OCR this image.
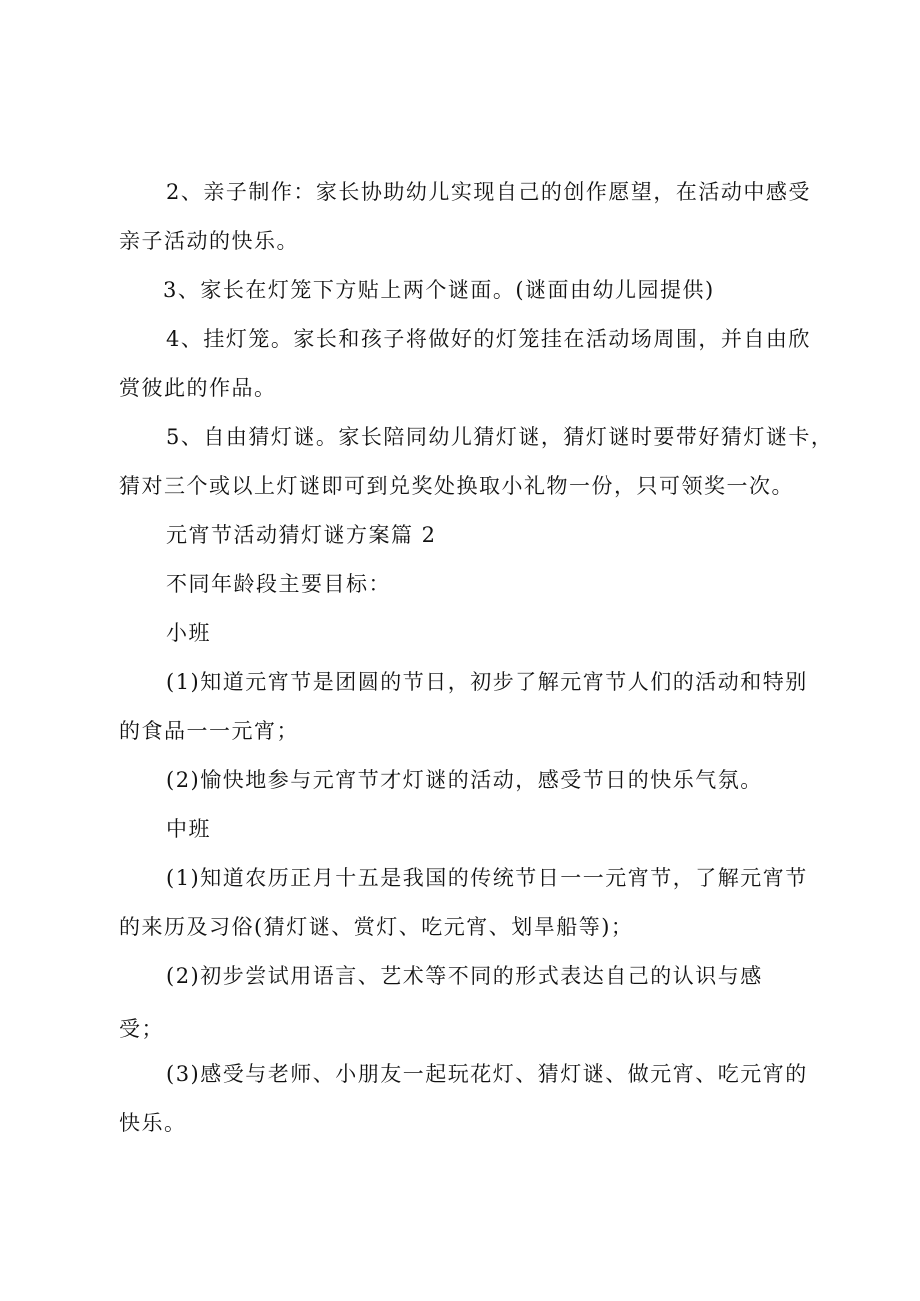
2、亲子制作：家长协助幼儿实现自己的创作愿望，在活动中感受
亲子活动的快乐。
3、家长在灯笼下方贴上两个谜面。(谜面由幼儿园提供)
4、挂灯笼。家长和孩子将做好的灯笼挂在活动场周围，并自由欣
赏彼此的作品。
5、自由猜灯谜。家长陪同幼儿猜灯谜，猜灯谜时要带好猜灯谜卡，
猜对三个或以上灯谜即可到兑奖处换取小礼物一份，只可领奖一次。
元宵节活动猜灯谜方案篇 2
不同年龄段主要目标：
小班
(1)知道元宵节是团圆的节日，初步了解元宵节人们的活动和特别
的食品一一元宵；
(2)愉快地参与元宵节才灯谜的活动，感受节日的快乐气氛。
中班
(1)知道农历正月十五是我国的传统节日一一元宵节，了解元宵节
的来历及习俗(猜灯谜、赏灯、吃元宵、划旱船等)；
(2)初步尝试用语言、艺术等不同的形式表达自己的认识与感
受；
(3)感受与老师、小朋友一起玩花灯、猜灯谜、做元宵、吃元宵的
快乐。
